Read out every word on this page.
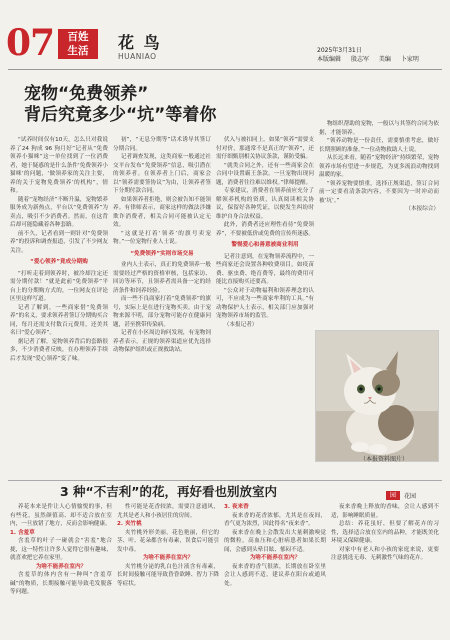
07	百姓
生活	花 鸟
HUANIAO
2025年3月31日
本版编辑 殷志军 美编 卜家明
宠物“免费领养”
背后究竟多少“坑”等着你

“试养时间仅有10天，怎么只对我说养了24 狗成 96 狗月好”记者从“免费领养小猫咪”这一单位找到了一位消费者，她于疑惑的是什么条件‘免费领养小猫咪’的问题，‘做领养家的关注主要，养的关于宠物免费领养’的机构”，情和。

随着“宠物经济”不断升温，宠物繁养服务成为新热点，平台以“免费领养”为卖点，吸引不少消费者。然而，在这背后却可能隐藏着各种套路。

前不久，记者看到一则针对“免费领养”的投诉和调查报道，引发了不少网友关注。

“爱心领养”竟成分期购

“打听走着到领养时，被冷却注定还需分期付款！”就是此前“免费领养”平台上的分期购方式的，一位网友在评论区里这样写道。

记者了解到，一些商家借“免费领养”的名义，要求领养者签订分期购买合同，每月还需支付数百元费用，还美其名曰“爱心领养”。

据记者了解，宠物领养背后的套路很多，不少消费者反映，在办理领养手续后才发现“爱心领养”变了味。

初”，“无息分期等”话术诱导其签订分期合同。

记者调查发现，这类商家一般通过社交平台发布“免费领养”信息，吸引潜在的领养者。在领养者上门后，商家会以“领养需要签协议”为由，让领养者签下分期付款合同。

如果领养者拒绝，则会被告知不能领养。有律师表示，商家这样的做法涉嫌欺诈消费者，相关合同可能被认定无效。

“这就是打着‘领养’的旗号卖宠物。”一位宠物行业人士说。

“免费领养”实则市场交易

业内人士表示，真正的免费领养一般需要经过严格的资格审核，包括家访、回访等环节，且领养者需具备一定的经济条件和饲养经验。

而一些不良商家打着“免费领养”的旗号，实际上是在进行宠物买卖。由于宠物来源不明，部分宠物可能存在健康问题，甚至携带传染病。

记者在小区周边询问发现，有宠物饲养者表示，正规的领养渠道应优先选择动物保护组织或正规救助站。

伏入与被扣同上。如果“领养”需要支付对价，那通常不是真正的“领养”，还需仔细甄别相关协议条款，谨防受骗。

“就类合同之外，还有一些商家会在合同中设置霸王条款。一旦宠物出现问题，消费者往往难以维权。”律师提醒。

专家建议，消费者在领养前应充分了解领养机构的资质，认真阅读相关协议，保留好各种凭证，以便发生纠纷时维护自身合法权益。

此外，消费者还应理性看待“免费领养”，不要被低价或免费的宣传所迷惑。

警惕爱心和善意被商业利用

记者注意到，在宠物领养流程中，一些商家还会设置各种收费项目，如疫苗费、驱虫费、绝育费等，最终的费用可能比直接购买还要高。

“公众对于动物福利和领养理念的认可，不应成为一些商家牟利的工具。”有动物保护人士表示，相关部门应加强对宠物领养市场的监管。

（本报记者）

物组织帮助的宠物，一般以与其签约合同为依据，才能领养。

“领养动物是一份责任，需要慎重考虑，做好长期照顾的准备。”一位动物救助人士说。

从长远来看，随着“宠物经济”持续繁荣，宠物领养市场有望进一步规范，为更多流浪动物找到温暖的家。

“领养宠物要慎重，选择正规渠道，签订合同前一定要看清条款内容，不要因为一时冲动而被‘坑’。”

（本报综合）

（本报资料图片）
3 种“不吉利”的花，再好看也别放室内	园	花园

养花本来是件让人心情愉悦的事，但有些花，虽然颜值高、却不适合放在室内，一旦放错了地方，反而会影响健康。

1. 含羞草

含羞草的叶子一碰就会“害羞”地合拢，这一特性让许多人觉得它很有趣味，就喜欢把它养在家里。

为啥不能养在室内？

含羞草的体内含有一种叫“含羞草碱”的物质，长期接触可能导致毛发脱落等问题。

性可能是花香较浓，需要注意通风，尤其是老人和小孩居住的房间。

2. 夹竹桃

夹竹桃外形美丽，花色艳丽，但它的茎、叶、花朵都含有毒素，误食后可能引发中毒。

为啥不能养在室内？

夹竹桃分泌的乳白色汁液含有毒素，长时间接触可能导致昏昏欲睡、智力下降等症状。

3. 夜来香

夜来香的花香浓郁，尤其是在夜间，香气更为浓烈，因此得名“夜来香”。

夜来香在晚上会散发出大量刺激嗅觉的微粒，高血压和心脏病患者如果长期闻，会感到头晕目眩、郁闷不适。

为啥不能养在室内？

夜来香的香气很浓，长期放在卧室里会让人感到不适，建议养在阳台或通风处。

夜来香晚上释放的香味，会让人感到不适，影响睡眠质量。

总结：养花虽好，但要了解花卉的习性，选择适合放在室内的品种，才能既美化环境又保障健康。

对家中有老人和小孩的家庭来说，更要注意挑选无毒、无刺激性气味的花卉。
